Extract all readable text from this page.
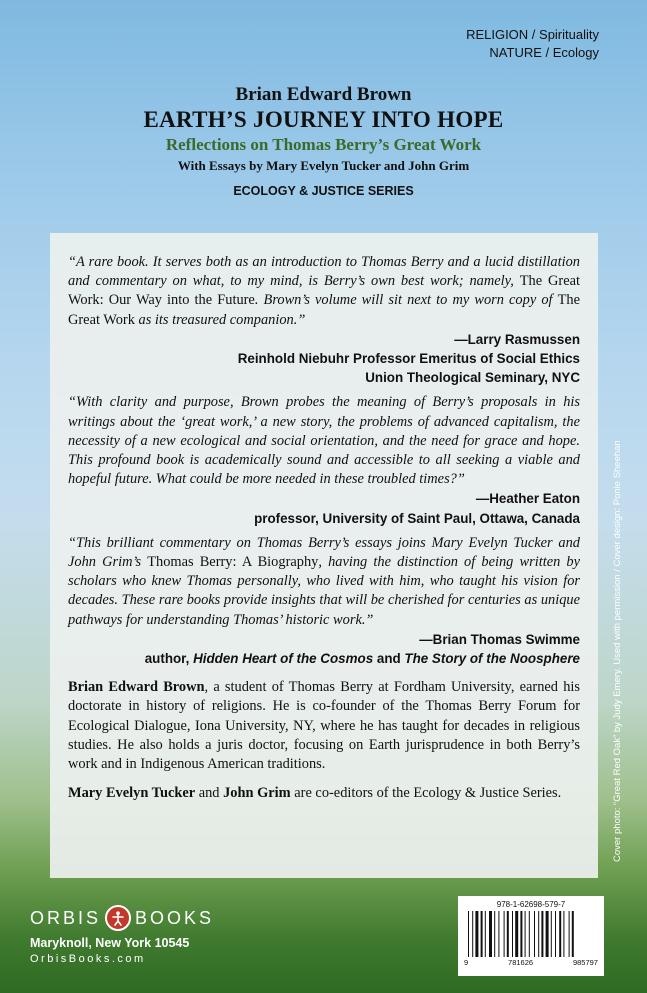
RELIGION / Spirituality
NATURE / Ecology
Brian Edward Brown
EARTH’S JOURNEY INTO HOPE
Reflections on Thomas Berry’s Great Work
With Essays by Mary Evelyn Tucker and John Grim
ECOLOGY & JUSTICE SERIES
“A rare book. It serves both as an introduction to Thomas Berry and a lucid distillation and commentary on what, to my mind, is Berry’s own best work; namely, The Great Work: Our Way into the Future. Brown’s volume will sit next to my worn copy of The Great Work as its treasured companion.”
—Larry Rasmussen
Reinhold Niebuhr Professor Emeritus of Social Ethics
Union Theological Seminary, NYC
“With clarity and purpose, Brown probes the meaning of Berry’s proposals in his writings about the ‘great work,’ a new story, the problems of advanced capitalism, the necessity of a new ecological and social orientation, and the need for grace and hope. This profound book is academically sound and accessible to all seeking a viable and hopeful future. What could be more needed in these troubled times?”
—Heather Eaton
professor, University of Saint Paul, Ottawa, Canada
“This brilliant commentary on Thomas Berry’s essays joins Mary Evelyn Tucker and John Grim’s Thomas Berry: A Biography, having the distinction of being written by scholars who knew Thomas personally, who lived with him, who taught his vision for decades. These rare books provide insights that will be cherished for centuries as unique pathways for understanding Thomas’ historic work.”
—Brian Thomas Swimme
author, Hidden Heart of the Cosmos and The Story of the Noosphere
Brian Edward Brown, a student of Thomas Berry at Fordham University, earned his doctorate in history of religions. He is co-founder of the Thomas Berry Forum for Ecological Dialogue, Iona University, NY, where he has taught for decades in religious studies. He also holds a juris doctor, focusing on Earth jurisprudence in both Berry’s work and in Indigenous American traditions.
Mary Evelyn Tucker and John Grim are co-editors of the Ecology & Justice Series.	Cover photo: “Great Red Oak” by Judy Emery. Used with permission / Cover design: Ponie Sheehan
ORBIS BOOKS
Maryknoll, New York 10545
OrbisBooks.com
978-1-62698-579-7
9	781626	985797
